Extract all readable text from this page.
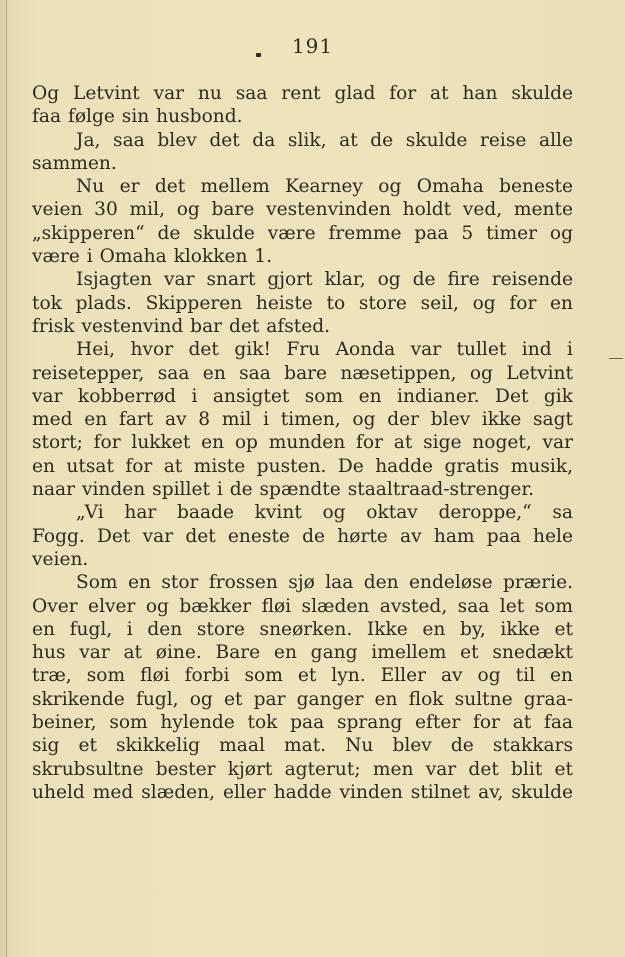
191
Og Letvint var nu saa rent glad for at han skulde
faa følge sin husbond.
Ja, saa blev det da slik, at de skulde reise alle
sammen.
Nu er det mellem Kearney og Omaha beneste
veien 30 mil, og bare vestenvinden holdt ved, mente
„skipperen“ de skulde være fremme paa 5 timer og
være i Omaha klokken 1.
Isjagten var snart gjort klar, og de fire reisende
tok plads. Skipperen heiste to store seil, og for en
frisk vestenvind bar det afsted.
Hei, hvor det gik! Fru Aonda var tullet ind i
reisetepper, saa en saa bare næsetippen, og Letvint
var kobberrød i ansigtet som en indianer. Det gik
med en fart av 8 mil i timen, og der blev ikke sagt
stort; for lukket en op munden for at sige noget, var
en utsat for at miste pusten. De hadde gratis musik,
naar vinden spillet i de spændte staaltraad-strenger.
„Vi har baade kvint og oktav deroppe,“ sa
Fogg. Det var det eneste de hørte av ham paa hele
veien.
Som en stor frossen sjø laa den endeløse prærie.
Over elver og bækker fløi slæden avsted, saa let som
en fugl, i den store sneørken. Ikke en by, ikke et
hus var at øine. Bare en gang imellem et snedækt
træ, som fløi forbi som et lyn. Eller av og til en
skrikende fugl, og et par ganger en flok sultne graa-
beiner, som hylende tok paa sprang efter for at faa
sig et skikkelig maal mat. Nu blev de stakkars
skrubsultne bester kjørt agterut; men var det blit et
uheld med slæden, eller hadde vinden stilnet av, skulde
